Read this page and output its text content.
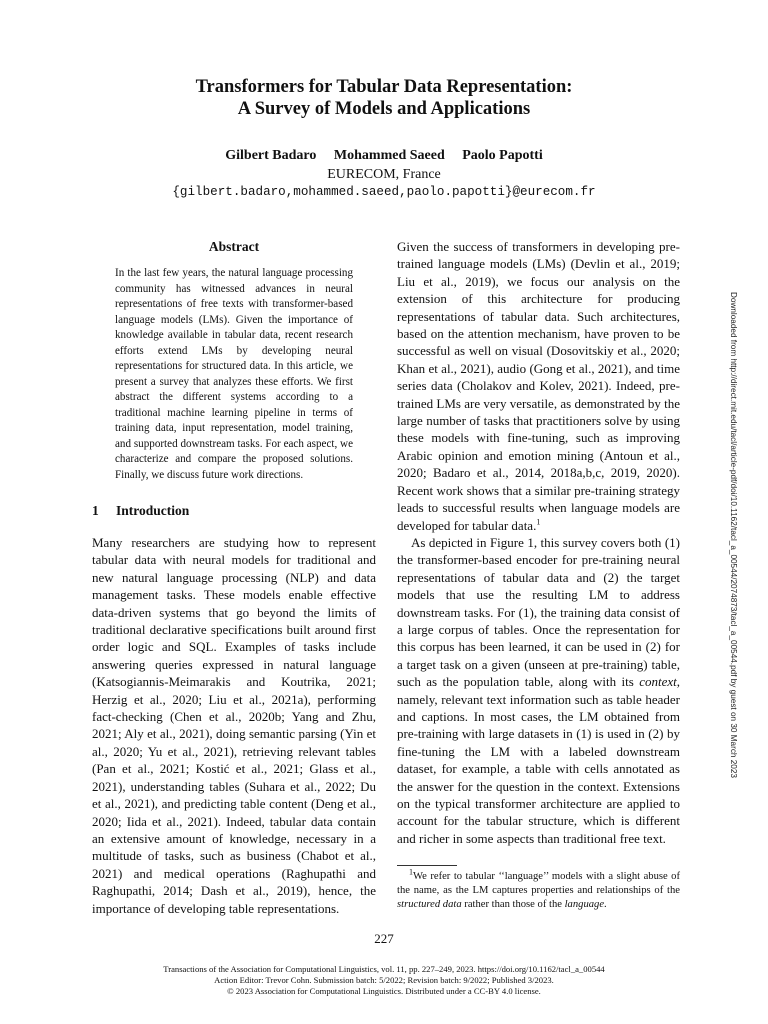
Transformers for Tabular Data Representation:
A Survey of Models and Applications
Gilbert Badaro Mohammed Saeed Paolo Papotti
EURECOM, France
{gilbert.badaro,mohammed.saeed,paolo.papotti}@eurecom.fr
Abstract
In the last few years, the natural language processing community has witnessed advances in neural representations of free texts with transformer-based language models (LMs). Given the importance of knowledge available in tabular data, recent research efforts extend LMs by developing neural representations for structured data. In this article, we present a survey that analyzes these efforts. We first abstract the different systems according to a traditional machine learning pipeline in terms of training data, input representation, model training, and supported downstream tasks. For each aspect, we characterize and compare the proposed solutions. Finally, we discuss future work directions.
1 Introduction

Many researchers are studying how to represent tabular data with neural models for traditional and new natural language processing (NLP) and data management tasks. These models enable effective data-driven systems that go beyond the limits of traditional declarative specifications built around first order logic and SQL. Examples of tasks include answering queries expressed in natural language (Katsogiannis-Meimarakis and Koutrika, 2021; Herzig et al., 2020; Liu et al., 2021a), performing fact-checking (Chen et al., 2020b; Yang and Zhu, 2021; Aly et al., 2021), doing semantic parsing (Yin et al., 2020; Yu et al., 2021), retrieving relevant tables (Pan et al., 2021; Kostić et al., 2021; Glass et al., 2021), understanding tables (Suhara et al., 2022; Du et al., 2021), and predicting table content (Deng et al., 2020; Iida et al., 2021). Indeed, tabular data contain an extensive amount of knowledge, necessary in a multitude of tasks, such as business (Chabot et al., 2021) and medical operations (Raghupathi and Raghupathi, 2014; Dash et al., 2019), hence, the importance of developing table representations.

Given the success of transformers in developing pre-trained language models (LMs) (Devlin et al., 2019; Liu et al., 2019), we focus our analysis on the extension of this architecture for producing representations of tabular data. Such architectures, based on the attention mechanism, have proven to be successful as well on visual (Dosovitskiy et al., 2020; Khan et al., 2021), audio (Gong et al., 2021), and time series data (Cholakov and Kolev, 2021). Indeed, pre-trained LMs are very versatile, as demonstrated by the large number of tasks that practitioners solve by using these models with fine-tuning, such as improving Arabic opinion and emotion mining (Antoun et al., 2020; Badaro et al., 2014, 2018a,b,c, 2019, 2020). Recent work shows that a similar pre-training strategy leads to successful results when language models are developed for tabular data.$^1$

As depicted in Figure 1, this survey covers both (1) the transformer-based encoder for pre-training neural representations of tabular data and (2) the target models that use the resulting LM to address downstream tasks. For (1), the training data consist of a large corpus of tables. Once the representation for this corpus has been learned, it can be used in (2) for a target task on a given (unseen at pre-training) table, such as the population table, along with its context, namely, relevant text information such as table header and captions. In most cases, the LM obtained from pre-training with large datasets in (1) is used in (2) by fine-tuning the LM with a labeled downstream dataset, for example, a table with cells annotated as the answer for the question in the context. Extensions on the typical transformer architecture are applied to account for the tabular structure, which is different and richer in some aspects than traditional free text.

$^1$We refer to tabular ‘‘language’’ models with a slight abuse of the name, as the LM captures properties and relationships of the structured data rather than those of the language.
227
Transactions of the Association for Computational Linguistics, vol. 11, pp. 227–249, 2023. https://doi.org/10.1162/tacl_a_00544
Action Editor: Trevor Cohn. Submission batch: 5/2022; Revision batch: 9/2022; Published 3/2023.
© 2023 Association for Computational Linguistics. Distributed under a CC-BY 4.0 license.
Downloaded from http://direct.mit.edu/tacl/article-pdf/doi/10.1162/tacl_a_00544/2074873/tacl_a_00544.pdf by guest on 30 March 2023
